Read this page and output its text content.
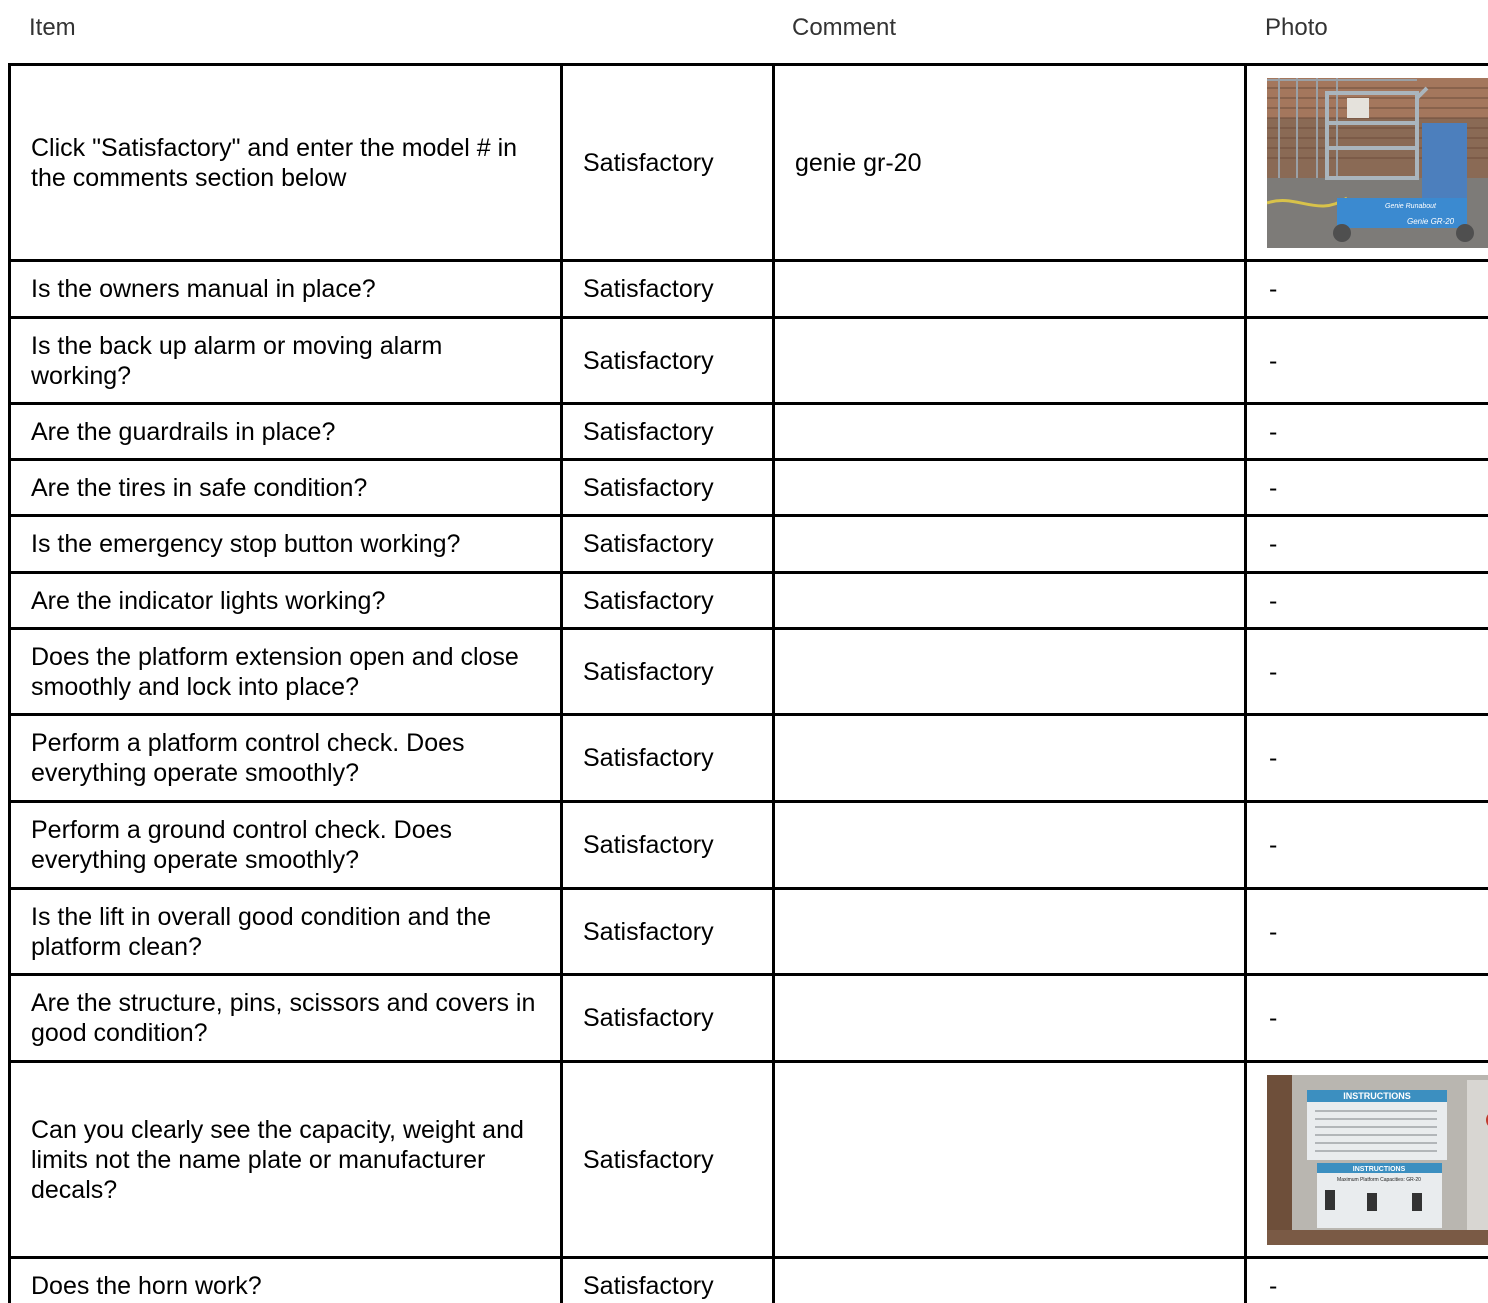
Item	Comment	Photo
Click "Satisfactory" and enter the model # in the comments section below	Satisfactory	genie gr-20	Genie Runabout
Genie GR-20

Is the owners manual in place?	Satisfactory		-
Is the back up alarm or moving alarm working?	Satisfactory		-
Are the guardrails in place?	Satisfactory		-
Are the tires in safe condition?	Satisfactory		-
Is the emergency stop button working?	Satisfactory		-
Are the indicator lights working?	Satisfactory		-
Does the platform extension open and close smoothly and lock into place?	Satisfactory		-
Perform a platform control check. Does everything operate smoothly?	Satisfactory		-
Perform a ground control check. Does everything operate smoothly?	Satisfactory		-
Is the lift in overall good condition and the platform clean?	Satisfactory		-
Are the structure, pins, scissors and covers in good condition?	Satisfactory		-
Can you clearly see the capacity, weight and limits not the name plate or manufacturer decals?	Satisfactory		INSTRUCTIONS
INSTRUCTIONS
Maximum Platform Capacities: GR-20

Does the horn work?	Satisfactory		-
